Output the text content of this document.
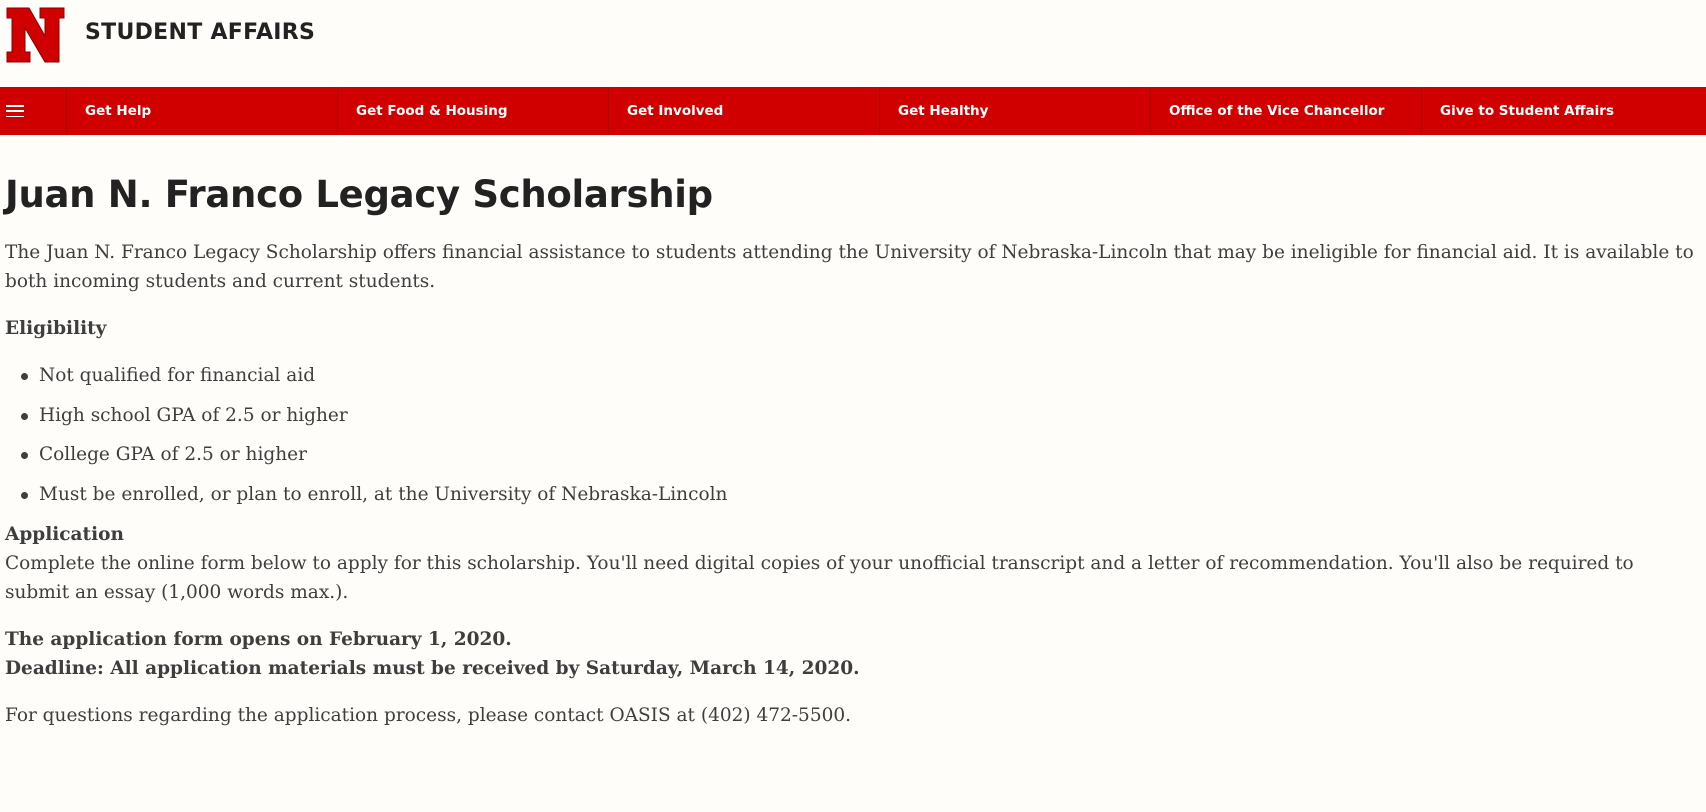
STUDENT AFFAIRS
Get Help	Get Food & Housing	Get Involved	Get Healthy	Office of the Vice Chancellor	Give to Student Affairs
Juan N. Franco Legacy Scholarship

The Juan N. Franco Legacy Scholarship offers financial assistance to students attending the University of Nebraska-Lincoln that may be ineligible for financial aid. It is available to both incoming students and current students.

Eligibility

Not qualified for financial aid
High school GPA of 2.5 or higher
College GPA of 2.5 or higher
Must be enrolled, or plan to enroll, at the University of Nebraska-Lincoln

Application

Complete the online form below to apply for this scholarship. You'll need digital copies of your unofficial transcript and a letter of recommendation. You'll also be required to submit an essay (1,000 words max.).

The application form opens on February 1, 2020.

Deadline: All application materials must be received by Saturday, March 14, 2020.

For questions regarding the application process, please contact OASIS at (402) 472-5500.
